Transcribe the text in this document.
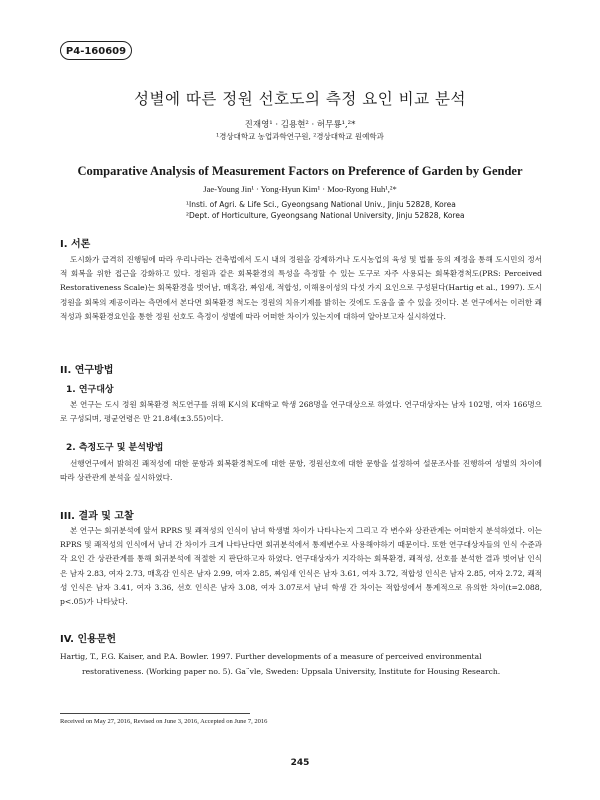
P4-160609
성별에 따른 정원 선호도의 측정 요인 비교 분석
진재영¹ · 김용현² · 허무룡¹,²*
¹경상대학교 농업과학연구원, ²경상대학교 원예학과
Comparative Analysis of Measurement Factors on Preference of Garden by Gender
Jae-Young Jin¹ · Yong-Hyun Kim¹ · Moo-Ryong Huh¹,²*
¹Insti. of Agri. & Life Sci., Gyeongsang National Univ., Jinju 52828, Korea
²Dept. of Horticulture, Gyeongsang National University, Jinju 52828, Korea
I. 서론
도시화가 급격히 진행됨에 따라 우리나라는 건축법에서 도시 내의 정원을 강제하거나 도시농업의 육성 및 법률 등의 제정을 통해 도시민의 정서적 회복을 위한 접근을 강화하고 있다. 정원과 같은 회복환경의 특성을 측정할 수 있는 도구로 자주 사용되는 회복환경척도(PRS: Perceived Restorativeness Scale)는 회복환경을 벗어남, 매혹감, 짜임새, 적합성, 이해용이성의 다섯 가지 요인으로 구성된다(Hartig et al., 1997). 도시정원을 회복의 제공이라는 측면에서 본다면 회복환경 척도는 정원의 치유기제를 밝히는 것에도 도움을 줄 수 있을 것이다. 본 연구에서는 이러한 쾌적성과 회복환경요인을 통한 정원 선호도 측정이 성별에 따라 어떠한 차이가 있는지에 대하여 알아보고자 실시하였다.
II. 연구방법
1. 연구대상
본 연구는 도시 정원 회복환경 척도연구를 위해 K시의 K대학교 학생 268명을 연구대상으로 하였다. 연구대상자는 남자 102명, 여자 166명으로 구성되며, 평균연령은 만 21.8세(±3.55)이다.
2. 측정도구 및 분석방법
선행연구에서 밝혀진 쾌적성에 대한 문항과 회복환경척도에 대한 문항, 정원선호에 대한 문항을 설정하여 설문조사를 진행하여 성별의 차이에 따라 상관관계 분석을 실시하였다.
III. 결과 및 고찰
본 연구는 회귀분석에 앞서 RPRS 및 쾌적성의 인식이 남녀 학생별 차이가 나타나는지 그리고 각 변수와 상관관계는 어떠한지 분석하였다. 이는 RPRS 및 쾌적성의 인식에서 남녀 간 차이가 크게 나타난다면 회귀분석에서 통제변수로 사용해야하기 때문이다. 또한 연구대상자들의 인식 수준과 각 요인 간 상관관계를 통해 회귀분석에 적절한 지 판단하고자 하였다. 연구대상자가 지각하는 회복환경, 쾌적성, 선호를 분석한 결과 벗어남 인식은 남자 2.83, 여자 2.73, 매혹감 인식은 남자 2.99, 여자 2.85, 짜임새 인식은 남자 3.61, 여자 3.72, 적합성 인식은 남자 2.85, 여자 2.72, 쾌적성 인식은 남자 3.41, 여자 3.36, 선호 인식은 남자 3.08, 여자 3.07로서 남녀 학생 간 차이는 적합성에서 통계적으로 유의한 차이(t=2.088, p<.05)가 나타났다.
IV. 인용문헌
Hartig, T., F.G. Kaiser, and P.A. Bowler. 1997. Further developments of a measure of perceived environmental
restorativeness. (Working paper no. 5). Ga¨vle, Sweden: Uppsala University, Institute for Housing Research.
Received on May 27, 2016, Revised on June 3, 2016, Accepted on June 7, 2016
245
